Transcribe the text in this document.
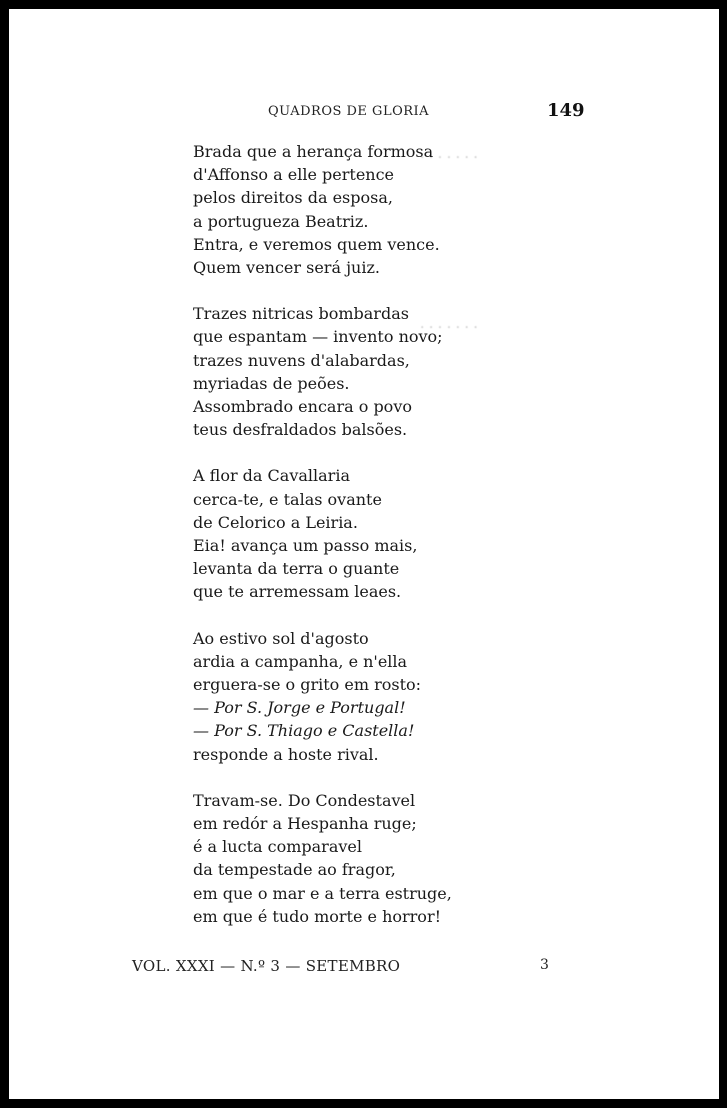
· · · · · · ·
· · · · · · ·
QUADROS DE GLORIA	149
Brada que a herança formosa
d'Affonso a elle pertence
pelos direitos da esposa,
a portugueza Beatriz.
Entra, e veremos quem vence.
Quem vencer será juiz.
Trazes nitricas bombardas
que espantam — invento novo;
trazes nuvens d'alabardas,
myriadas de peões.
Assombrado encara o povo
teus desfraldados balsões.
A flor da Cavallaria
cerca-te, e talas ovante
de Celorico a Leiria.
Eia! avança um passo mais,
levanta da terra o guante
que te arremessam leaes.
Ao estivo sol d'agosto
ardia a campanha, e n'ella
erguera-se o grito em rosto:
— Por S. Jorge e Portugal!
— Por S. Thiago e Castella!
responde a hoste rival.
Travam-se. Do Condestavel
em redór a Hespanha ruge;
é a lucta comparavel
da tempestade ao fragor,
em que o mar e a terra estruge,
em que é tudo morte e horror!
VOL. XXXI — N.º 3 — SETEMBRO	3
